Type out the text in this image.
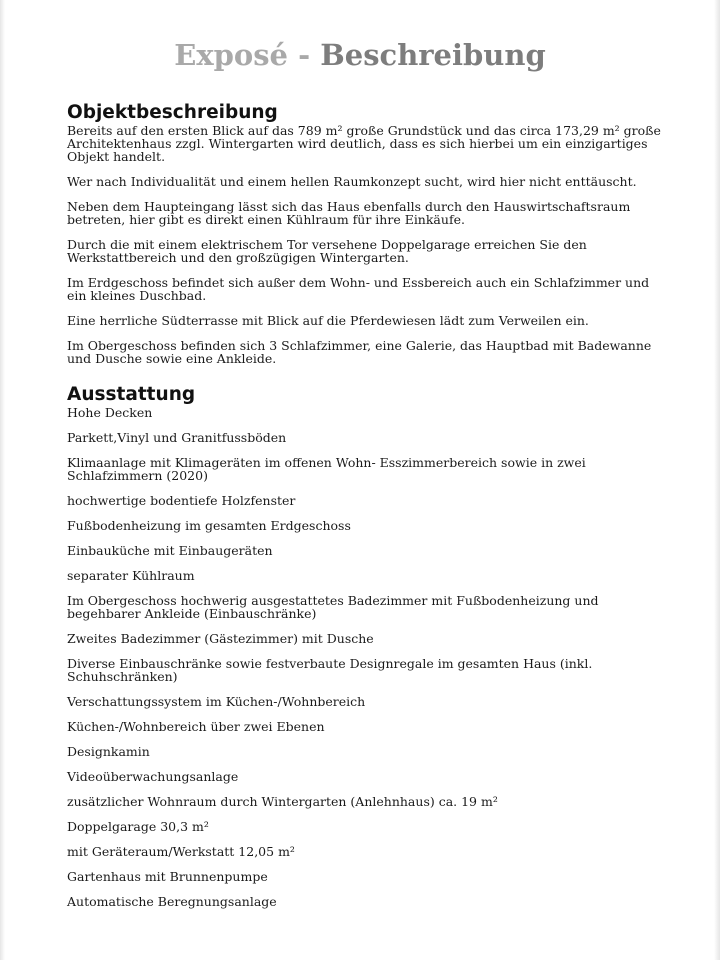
Exposé - Beschreibung
Objektbeschreibung

Bereits auf den ersten Blick auf das 789 m² große Grundstück und das circa 173,29 m² große Architektenhaus zzgl. Wintergarten wird deutlich, dass es sich hierbei um ein einzigartiges Objekt handelt.

Wer nach Individualität und einem hellen Raumkonzept sucht, wird hier nicht enttäuscht.

Neben dem Haupteingang lässt sich das Haus ebenfalls durch den Hauswirtschaftsraum betreten, hier gibt es direkt einen Kühlraum für ihre Einkäufe.

Durch die mit einem elektrischem Tor versehene Doppelgarage erreichen Sie den Werkstattbereich und den großzügigen Wintergarten.

Im Erdgeschoss befindet sich außer dem Wohn- und Essbereich auch ein Schlafzimmer und ein kleines Duschbad.

Eine herrliche Südterrasse mit Blick auf die Pferdewiesen lädt zum Verweilen ein.

Im Obergeschoss befinden sich 3 Schlafzimmer, eine Galerie, das Hauptbad mit Badewanne und Dusche sowie eine Ankleide.

Ausstattung
Hohe Decken
Parkett,Vinyl und Granitfussböden
Klimaanlage mit Klimageräten im offenen Wohn- Esszimmerbereich sowie in zwei Schlafzimmern (2020)
hochwertige bodentiefe Holzfenster
Fußbodenheizung im gesamten Erdgeschoss
Einbauküche mit Einbaugeräten
separater Kühlraum
Im Obergeschoss hochwerig ausgestattetes Badezimmer mit Fußbodenheizung und begehbarer Ankleide (Einbauschränke)
Zweites Badezimmer (Gästezimmer) mit Dusche
Diverse Einbauschränke sowie festverbaute Designregale im gesamten Haus (inkl. Schuhschränken)
Verschattungssystem im Küchen-/Wohnbereich
Küchen-/Wohnbereich über zwei Ebenen
Designkamin
Videoüberwachungsanlage
zusätzlicher Wohnraum durch Wintergarten (Anlehnhaus) ca. 19 m²
Doppelgarage 30,3 m²
mit Geräteraum/Werkstatt 12,05 m²
Gartenhaus mit Brunnenpumpe
Automatische Beregnungsanlage
